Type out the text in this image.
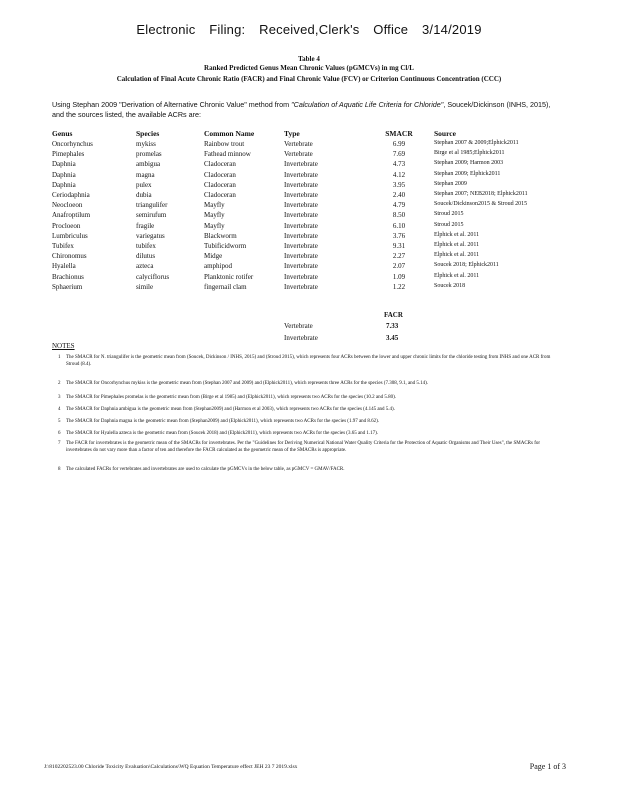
Electronic Filing: Received,Clerk's Office 3/14/2019
Table 4
Ranked Predicted Genus Mean Chronic Values (pGMCVs) in mg Cl/L
Calculation of Final Acute Chronic Ratio (FACR) and Final Chronic Value (FCV) or Criterion Continuous Concentration (CCC)
Using Stephan 2009 "Derivation of Alternative Chronic Value" method from "Calculation of Aquatic Life Criteria for Chloride", Soucek/Dickinson (INHS, 2015), and the sources listed, the available ACRs are:
Genus	Species	Common Name	Type	SMACR	Source
Oncorhynchus	mykiss	Rainbow trout	Vertebrate	6.99	Stephan 2007 & 2009;Elphick2011
Pimephales	promelas	Fathead minnow	Vertebrate	7.69	Birge et al 1985;Elphick2011
Daphnia	ambigua	Cladoceran	Invertebrate	4.73	Stephan 2009; Harmon 2003
Daphnia	magna	Cladoceran	Invertebrate	4.12	Stephan 2009; Elphick2011
Daphnia	pulex	Cladoceran	Invertebrate	3.95	Stephan 2009
Ceriodaphnia	dubia	Cladoceran	Invertebrate	2.40	Stephan 2007; NEB2018; Elphick2011
Neocloeon	triangulifer	Mayfly	Invertebrate	4.79	Soucek/Dickinson2015 & Stroud 2015
Anafroptilum	semirufum	Mayfly	Invertebrate	8.50	Stroud 2015
Procloeon	fragile	Mayfly	Invertebrate	6.10	Stroud 2015
Lumbriculus	variegatus	Blackworm	Invertebrate	3.76	Elphick et al. 2011
Tubifex	tubifex	Tubificidworm	Invertebrate	9.31	Elphick et al. 2011
Chironomus	dilutus	Midge	Invertebrate	2.27	Elphick et al. 2011
Hyalella	azteca	amphipod	Invertebrate	2.07	Soucek 2018; Elphick2011
Brachionus	calyciflorus	Planktonic rotifer	Invertebrate	1.09	Elphick et al. 2011
Sphaerium	simile	fingernail clam	Invertebrate	1.22	Soucek 2018
FACR
Vertebrate	7.33
Invertebrate	3.45
NOTES
1 The SMACR for N. triangulifer is the geometric mean from (Soucek, Dickinson / INHS, 2015) and (Stroud 2015), which represents four ACRs between the lower and upper chronic limits for the chloride testing from INHS and one ACR from Stroud (8.4).
2 The SMACR for Oncorhynchus mykiss is the geometric mean from (Stephan 2007 and 2009) and (Elphick2011), which represents three ACRs for the species (7.308, 9.1, and 5.14).
3 The SMACR for Pimephales promelas is the geometric mean from (Birge et al 1985) and (Elphick2011), which represents two ACRs for the species (10.2 and 5.80).
4 The SMACR for Daphnia ambigua is the geometric mean from (Stephan2009) and (Harmon et al 2003), which represents two ACRs for the species (4.145 and 5.4).
5 The SMACR for Daphnia magna is the geometric mean from (Stephan2009) and (Elphick2011), which represents two ACRs for the species (1.97 and 8.62).
6 The SMACR for Hyalella azteca is the geometric mean from (Soucek 2018) and (Elphick2011), which represents two ACRs for the species (3.65 and 1.17).
7 The FACR for invertebrates is the geometric mean of the SMACRs for invertebrates. Per the "Guidelines for Deriving Numerical National Water Quality Criteria for the Protection of Aquatic Organisms and Their Uses", the SMACRs for invertebrates do not vary more than a factor of ten and therefore the FACR calculated as the geometric mean of the SMACRs is appropriate.
8 The calculated FACRs for vertebrates and invertebrates are used to calculate the pGMCVs in the below table, as pGMCV = GMAV/FACR.
J:\8102202523.00 Chloride Toxicity Evaluation\Calculations\WQ Equation Temperature effect JEH 23 7 2019.xlsx	Page 1 of 3
